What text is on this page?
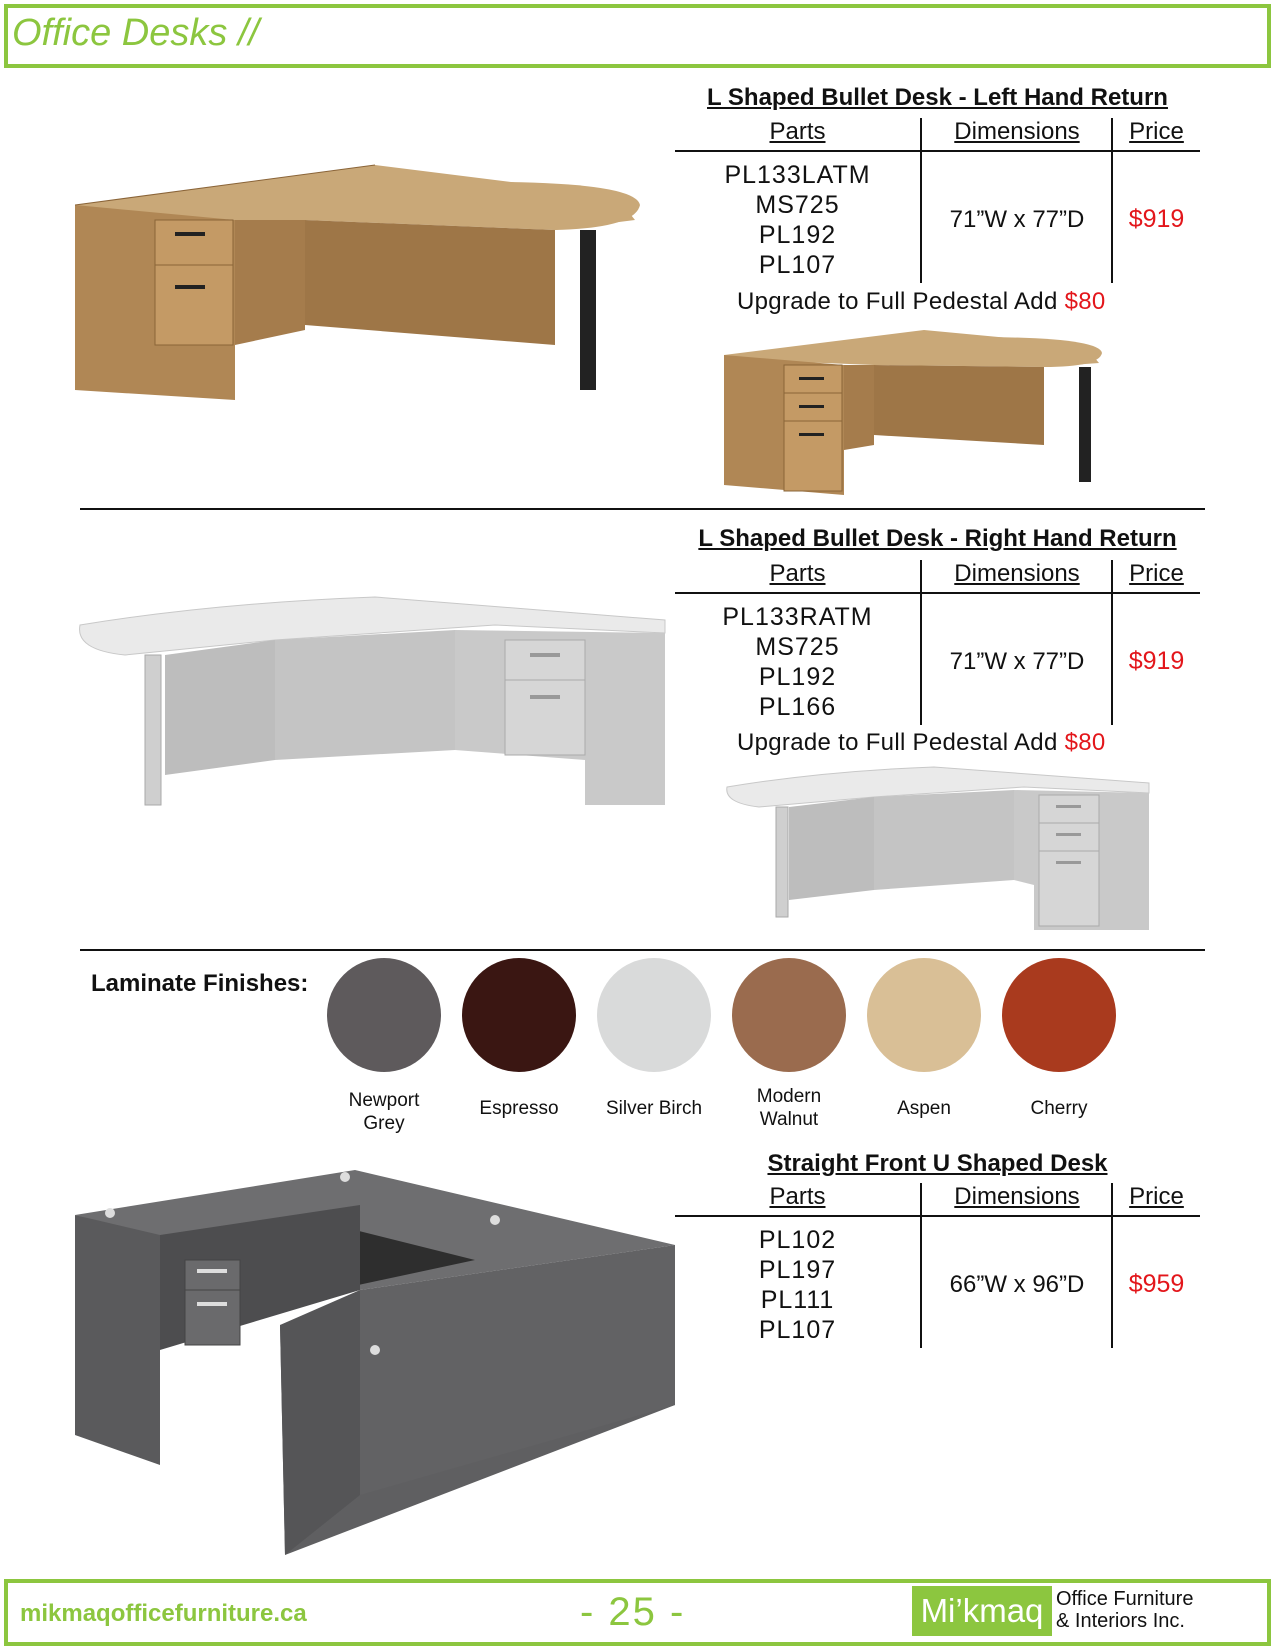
Office Desks //
L Shaped Bullet Desk - Left Hand Return
Parts	Dimensions	Price
PL133LATM
MS725
PL192
PL107
71”W x 77”D	$919
Upgrade to Full Pedestal Add $80
L Shaped Bullet Desk - Right Hand Return
Parts	Dimensions	Price
PL133RATM
MS725
PL192
PL166
71”W x 77”D	$919
Upgrade to Full Pedestal Add $80
Laminate Finishes:
Newport
Grey
Espresso	Silver Birch
Modern
Walnut
Aspen	Cherry
Straight Front U Shaped Desk
Parts	Dimensions	Price
PL102
PL197
PL111
PL107
66”W x 96”D	$959
mikmaqofficefurniture.ca	- 25 -	Mi’kmaq Office Furniture
& Interiors Inc.
